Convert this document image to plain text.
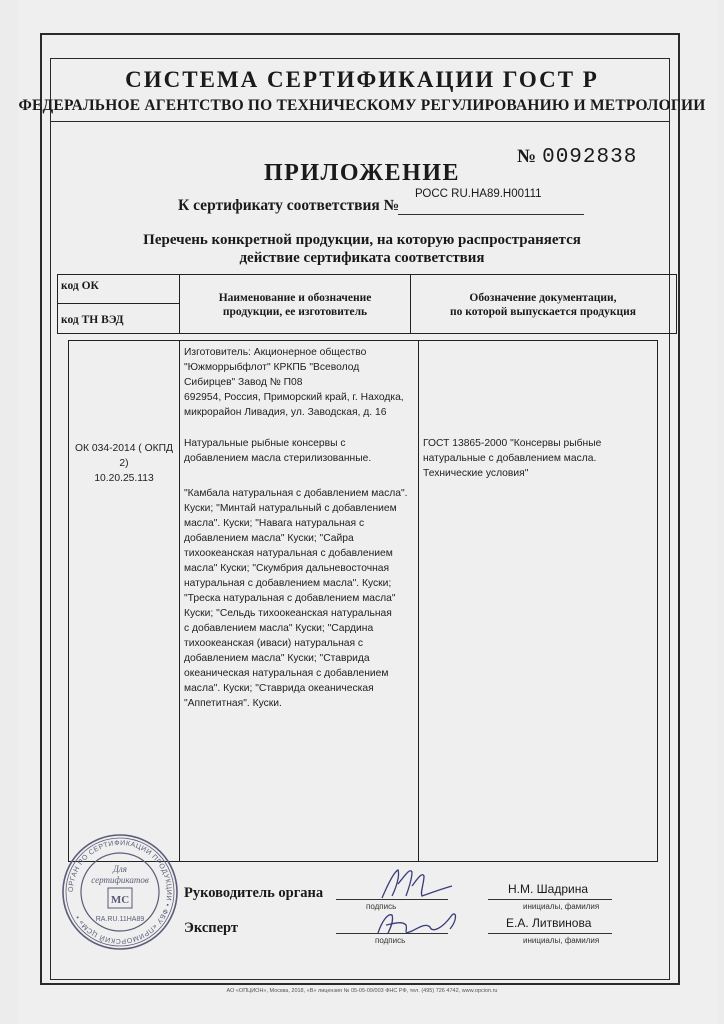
СИСТЕМА СЕРТИФИКАЦИИ ГОСТ Р
ФЕДЕРАЛЬНОЕ АГЕНТСТВО ПО ТЕХНИЧЕСКОМУ РЕГУЛИРОВАНИЮ И МЕТРОЛОГИИ
№ 0092838
ПРИЛОЖЕНИЕ
К сертификату соответствия №
РОСС RU.HA89.H00111
Перечень конкретной продукции, на которую распространяется
действие сертификата соответствия
код ОК
код ТН ВЭД
Наименование и обозначение
продукции, ее изготовитель
Обозначение документации,
по которой выпускается продукция
ОК 034-2014 ( ОКПД 2)
10.20.25.113
Изготовитель: Акционерное общество
"Южморрыбфлот" КРКПБ "Всеволод
Сибирцев" Завод № П08
692954, Россия, Приморский край, г. Находка,
микрорайон Ливадия, ул. Заводская, д. 16
Натуральные рыбные консервы с
добавлением масла стерилизованные.
"Камбала натуральная с добавлением масла".
Куски; "Минтай натуральный с добавлением
масла". Куски; "Навага натуральная с
добавлением масла" Куски; "Сайра
тихоокеанская натуральная с добавлением
масла" Куски; "Скумбрия дальневосточная
натуральная с добавлением масла". Куски;
"Треска натуральная с добавлением масла"
Куски; "Сельдь тихоокеанская натуральная
с добавлением масла" Куски; "Сардина
тихоокеанская (иваси) натуральная с
добавлением масла" Куски; "Ставрида
океаническая натуральная с добавлением
масла". Куски; "Ставрида океаническая
"Аппетитная". Куски.
ГОСТ 13865-2000 "Консервы рыбные
натуральные с добавлением масла.
Технические условия"
ОРГАН ПО СЕРТИФИКАЦИИ ПРОДУКЦИИ • ФБУ «ПРИМОРСКИЙ ЦСМ» •
Для
сертификатов
МС
RA.RU.11HA89
Руководитель органа
подпись
Н.М. Шадрина
инициалы, фамилия
Эксперт
подпись
Е.А. Литвинова
инициалы, фамилия
АО «ОПЦИОН», Москва, 2018, «В» лицензия № 05-05-09/003 ФНС РФ, тел. (495) 726 4742, www.opcion.ru
